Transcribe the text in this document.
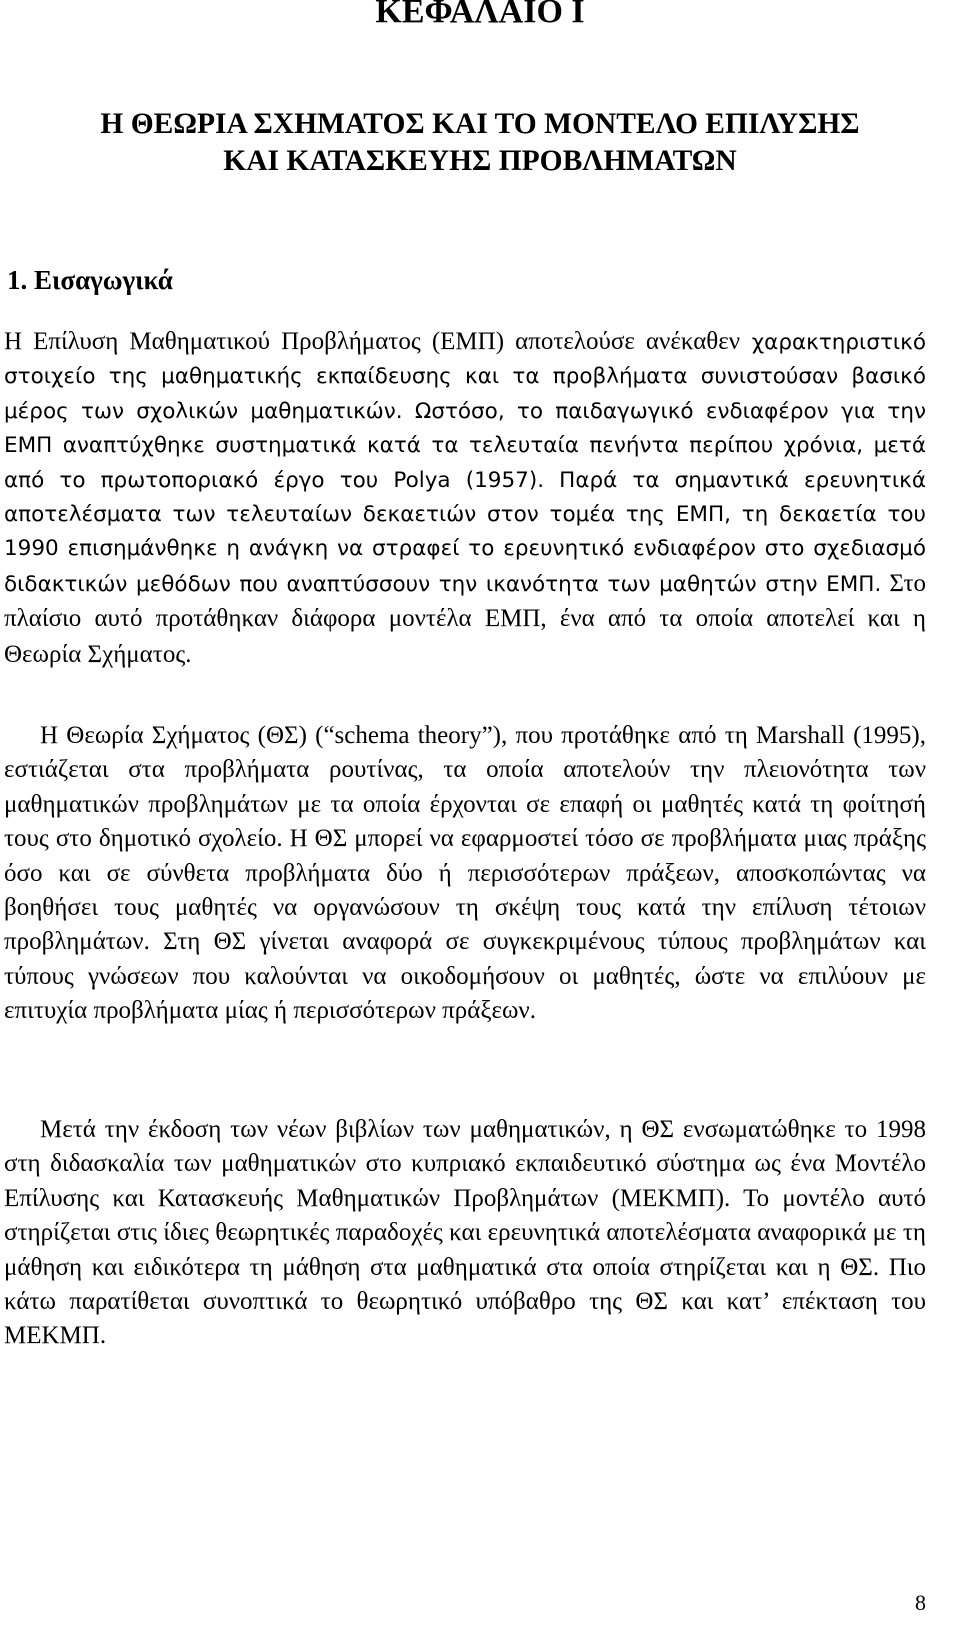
ΚΕΦΑΛΑΙΟ Ι
Η ΘΕΩΡΙΑ ΣΧΗΜΑΤΟΣ ΚΑΙ ΤΟ ΜΟΝΤΕΛΟ ΕΠΙΛΥΣΗΣ
ΚΑΙ ΚΑΤΑΣΚΕΥΗΣ ΠΡΟΒΛΗΜΑΤΩΝ
1. Εισαγωγικά

Η Επίλυση Μαθηματικού Προβλήματος (ΕΜΠ) αποτελούσε ανέκαθεν χαρακτηριστικό στοιχείο της μαθηματικής εκπαίδευσης και τα προβλήματα συνιστούσαν βασικό μέρος των σχολικών μαθηματικών. Ωστόσο, το παιδαγωγικό ενδιαφέρον για την ΕΜΠ αναπτύχθηκε συστηματικά κατά τα τελευταία πενήντα περίπου χρόνια, μετά από το πρωτοποριακό έργο του Polya (1957). Παρά τα σημαντικά ερευνητικά αποτελέσματα των τελευταίων δεκαετιών στον τομέα της ΕΜΠ, τη δεκαετία του 1990 επισημάνθηκε η ανάγκη να στραφεί το ερευνητικό ενδιαφέρον στο σχεδιασμό διδακτικών μεθόδων που αναπτύσσουν την ικανότητα των μαθητών στην ΕΜΠ. Στο πλαίσιο αυτό προτάθηκαν διάφορα μοντέλα ΕΜΠ, ένα από τα οποία αποτελεί και η Θεωρία Σχήματος.

Η Θεωρία Σχήματος (ΘΣ) (“schema theory”), που προτάθηκε από τη Marshall (1995), εστιάζεται στα προβλήματα ρουτίνας, τα οποία αποτελούν την πλειονότητα των μαθηματικών προβλημάτων με τα οποία έρχονται σε επαφή οι μαθητές κατά τη φοίτησή τους στο δημοτικό σχολείο. Η ΘΣ μπορεί να εφαρμοστεί τόσο σε προβλήματα μιας πράξης όσο και σε σύνθετα προβλήματα δύο ή περισσότερων πράξεων, αποσκοπώντας να βοηθήσει τους μαθητές να οργανώσουν τη σκέψη τους κατά την επίλυση τέτοιων προβλημάτων. Στη ΘΣ γίνεται αναφορά σε συγκεκριμένους τύπους προβλημάτων και τύπους γνώσεων που καλούνται να οικοδομήσουν οι μαθητές, ώστε να επιλύουν με επιτυχία προβλήματα μίας ή περισσότερων πράξεων.

Μετά την έκδοση των νέων βιβλίων των μαθηματικών, η ΘΣ ενσωματώθηκε το 1998 στη διδασκαλία των μαθηματικών στο κυπριακό εκπαιδευτικό σύστημα ως ένα Μοντέλο Επίλυσης και Κατασκευής Μαθηματικών Προβλημάτων (ΜΕΚΜΠ). Το μοντέλο αυτό στηρίζεται στις ίδιες θεωρητικές παραδοχές και ερευνητικά αποτελέσματα αναφορικά με τη μάθηση και ειδικότερα τη μάθηση στα μαθηματικά στα οποία στηρίζεται και η ΘΣ. Πιο κάτω παρατίθεται συνοπτικά το θεωρητικό υπόβαθρο της ΘΣ και κατ’ επέκταση του ΜΕΚΜΠ.

8
